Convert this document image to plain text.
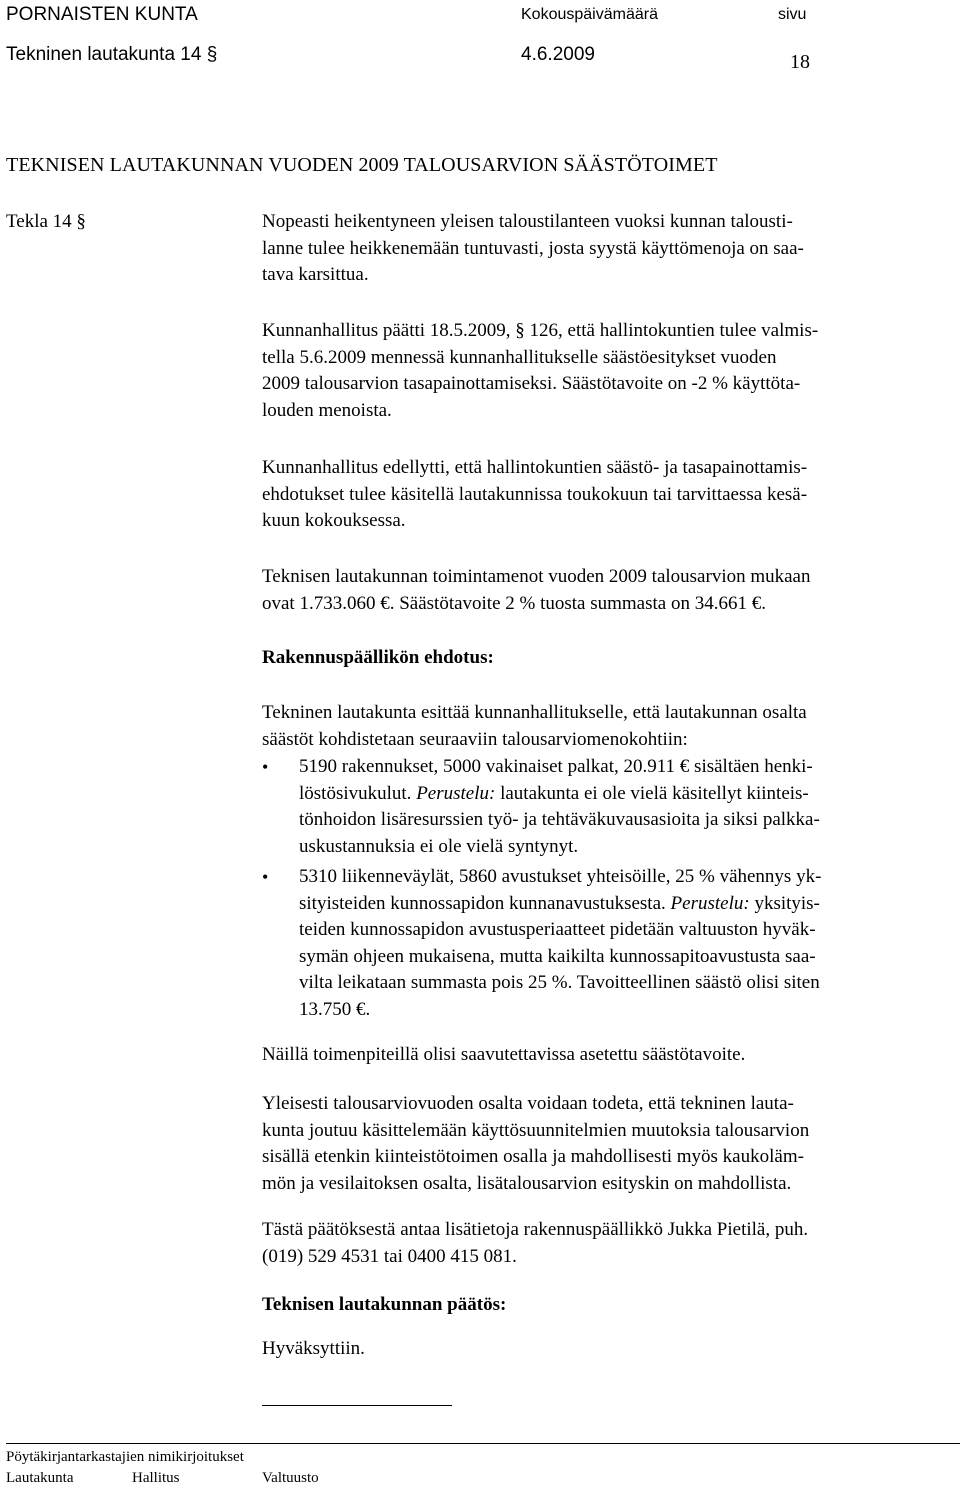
PORNAISTEN KUNTA	Kokouspäivämäärä	sivu
Tekninen lautakunta 14 §	4.6.2009	18
TEKNISEN LAUTAKUNNAN VUODEN 2009 TALOUSARVION SÄÄSTÖTOIMET
Tekla 14 §	Nopeasti heikentyneen yleisen taloustilanteen vuoksi kunnan talousti-
lanne tulee heikkenemään tuntuvasti, josta syystä käyttömenoja on saa-
tava karsittua.
Kunnanhallitus päätti 18.5.2009, § 126, että hallintokuntien tulee valmis-
tella 5.6.2009 mennessä kunnanhallitukselle säästöesitykset vuoden
2009 talousarvion tasapainottamiseksi. Säästötavoite on -2 % käyttöta-
louden menoista.
Kunnanhallitus edellytti, että hallintokuntien säästö- ja tasapainottamis-
ehdotukset tulee käsitellä lautakunnissa toukokuun tai tarvittaessa kesä-
kuun kokouksessa.
Teknisen lautakunnan toimintamenot vuoden 2009 talousarvion mukaan
ovat 1.733.060 €. Säästötavoite 2 % tuosta summasta on 34.661 €.
Rakennuspäällikön ehdotus:
Tekninen lautakunta esittää kunnanhallitukselle, että lautakunnan osalta
säästöt kohdistetaan seuraaviin talousarviomenokohtiin:
•	5190 rakennukset, 5000 vakinaiset palkat, 20.911 € sisältäen henki-
löstösivukulut. Perustelu: lautakunta ei ole vielä käsitellyt kiinteis-
tönhoidon lisäresurssien työ- ja tehtäväkuvausasioita ja siksi palkka-
uskustannuksia ei ole vielä syntynyt.
•	5310 liikenneväylät, 5860 avustukset yhteisöille, 25 % vähennys yk-
sityisteiden kunnossapidon kunnanavustuksesta. Perustelu: yksityis-
teiden kunnossapidon avustusperiaatteet pidetään valtuuston hyväk-
symän ohjeen mukaisena, mutta kaikilta kunnossapitoavustusta saa-
vilta leikataan summasta pois 25 %. Tavoitteellinen säästö olisi siten
13.750 €.
Näillä toimenpiteillä olisi saavutettavissa asetettu säästötavoite.
Yleisesti talousarviovuoden osalta voidaan todeta, että tekninen lauta-
kunta joutuu käsittelemään käyttösuunnitelmien muutoksia talousarvion
sisällä etenkin kiinteistötoimen osalla ja mahdollisesti myös kaukoläm-
mön ja vesilaitoksen osalta, lisätalousarvion esityskin on mahdollista.
Tästä päätöksestä antaa lisätietoja rakennuspäällikkö Jukka Pietilä, puh.
(019) 529 4531 tai 0400 415 081.
Teknisen lautakunnan päätös:
Hyväksyttiin.
Pöytäkirjantarkastajien nimikirjoitukset
Lautakunta	Hallitus	Valtuusto
